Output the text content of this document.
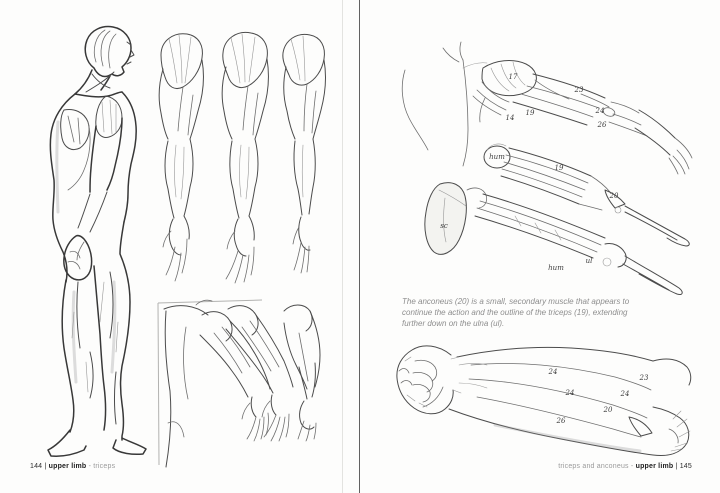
144 | upper limb - triceps
The anconeus (20) is a small, secondary muscle that appears to
continue the action and the outline of the triceps (19), extending
further down on the ulna (ul).
17
23
19
14
24
26
hum
19
20
sc
hum
ul
24
23
24	24
20
26
triceps and anconeus - upper limb | 145
